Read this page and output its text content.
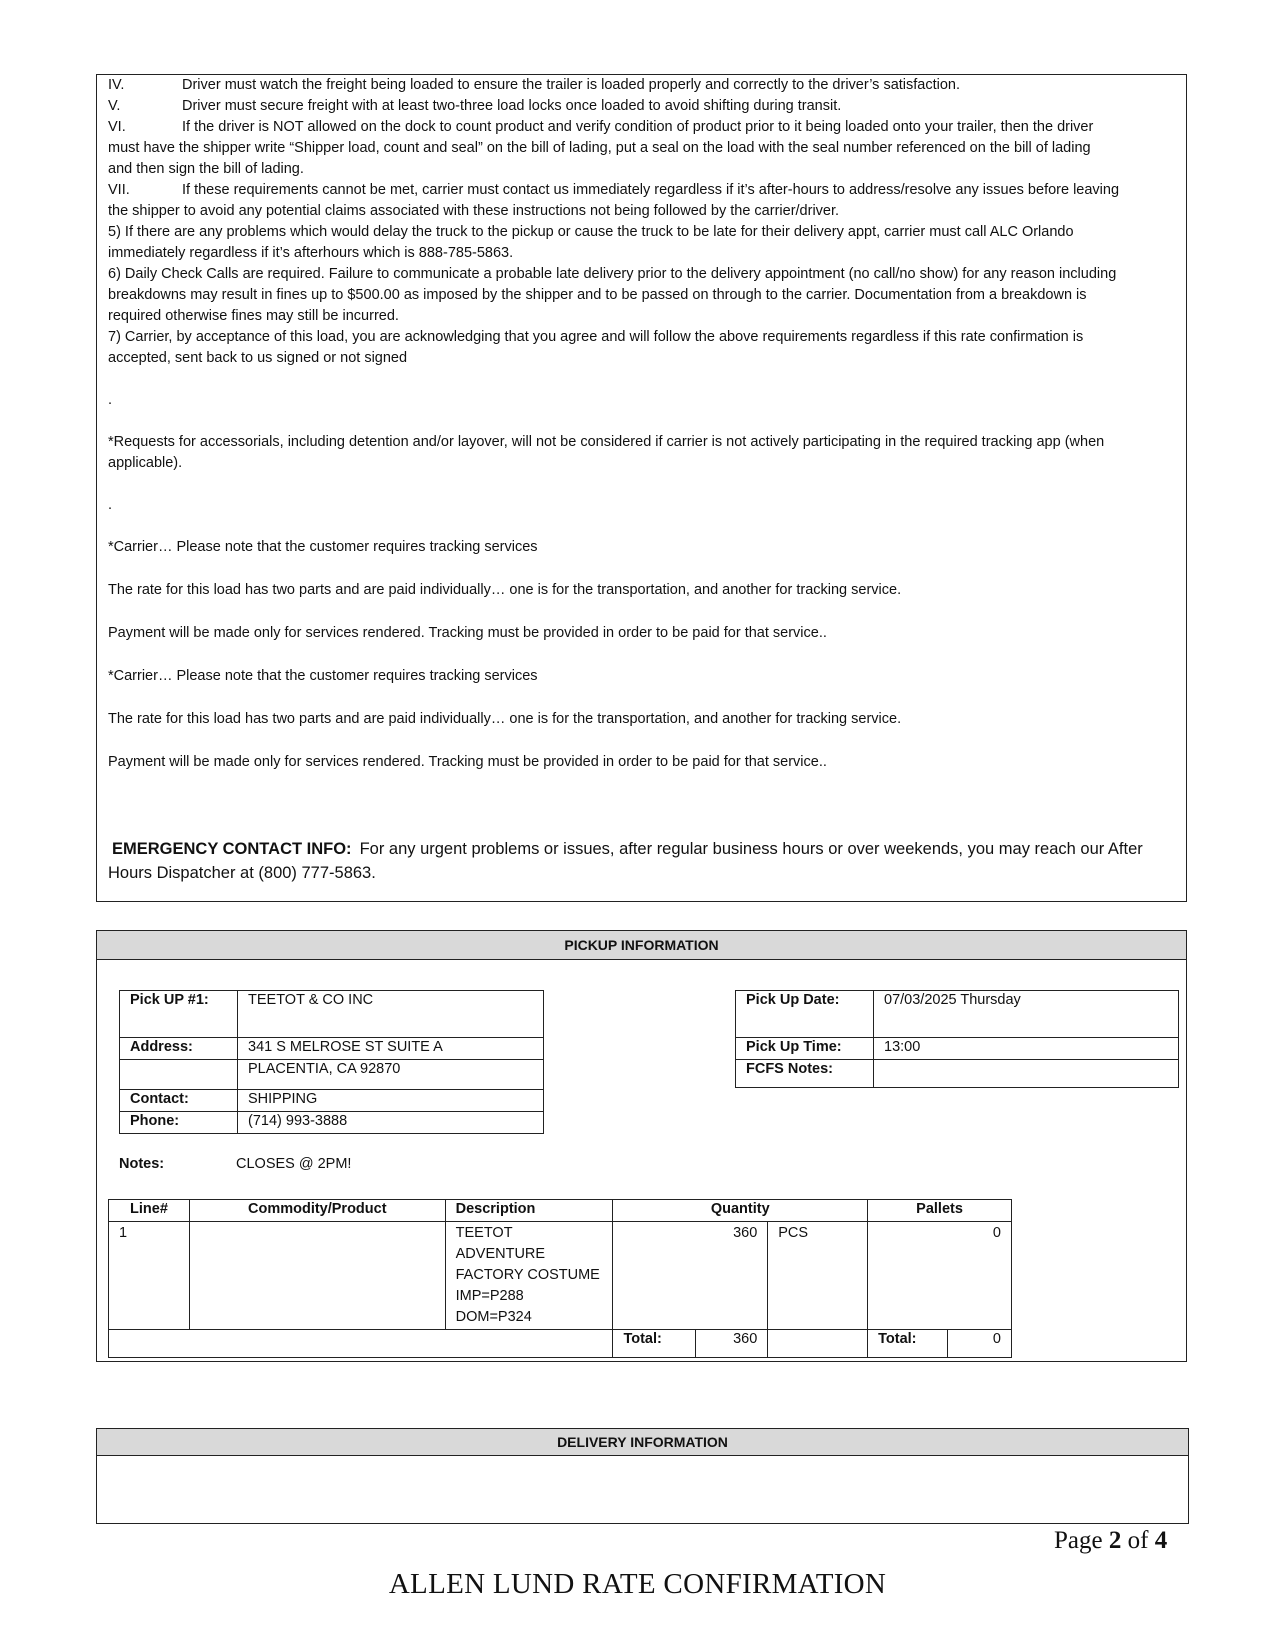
IV.	Driver must watch the freight being loaded to ensure the trailer is loaded properly and correctly to the driver’s satisfaction.
V.	Driver must secure freight with at least two-three load locks once loaded to avoid shifting during transit.
VI.	If the driver is NOT allowed on the dock to count product and verify condition of product prior to it being loaded onto your trailer, then the driver
must have the shipper write “Shipper load, count and seal” on the bill of lading, put a seal on the load with the seal number referenced on the bill of lading
and then sign the bill of lading.
VII.	If these requirements cannot be met, carrier must contact us immediately regardless if it’s after-hours to address/resolve any issues before leaving
the shipper to avoid any potential claims associated with these instructions not being followed by the carrier/driver.
5) If there are any problems which would delay the truck to the pickup or cause the truck to be late for their delivery appt, carrier must call ALC Orlando
immediately regardless if it’s afterhours which is 888-785-5863.
6) Daily Check Calls are required. Failure to communicate a probable late delivery prior to the delivery appointment (no call/no show) for any reason including
breakdowns may result in fines up to $500.00 as imposed by the shipper and to be passed on through to the carrier. Documentation from a breakdown is
required otherwise fines may still be incurred.
7) Carrier, by acceptance of this load, you are acknowledging that you agree and will follow the above requirements regardless if this rate confirmation is
accepted, sent back to us signed or not signed
.
*Requests for accessorials, including detention and/or layover, will not be considered if carrier is not actively participating in the required tracking app (when
applicable).
.
*Carrier… Please note that the customer requires tracking services
The rate for this load has two parts and are paid individually… one is for the transportation, and another for tracking service.
Payment will be made only for services rendered. Tracking must be provided in order to be paid for that service..
*Carrier… Please note that the customer requires tracking services
The rate for this load has two parts and are paid individually… one is for the transportation, and another for tracking service.
Payment will be made only for services rendered. Tracking must be provided in order to be paid for that service..
EMERGENCY CONTACT INFO: For any urgent problems or issues, after regular business hours or over weekends, you may reach our After
Hours Dispatcher at (800) 777-5863.
PICKUP INFORMATION
Pick UP #1:	TEETOT & CO INC
Address:	341 S MELROSE ST SUITE A
	PLACENTIA, CA 92870
Contact:	SHIPPING
Phone:	(714) 993-3888
Pick Up Date:	07/03/2025 Thursday
Pick Up Time:	13:00
FCFS Notes:	
Notes:	CLOSES @ 2PM!
Line#	Commodity/Product	Description	Quantity			Pallets	
1		TEETOT ADVENTURE
FACTORY COSTUME
IMP=P288
DOM=P324	360		PCS	0	
			Total:	360		Total:	0
DELIVERY INFORMATION
Page 2 of 4
ALLEN LUND RATE CONFIRMATION
